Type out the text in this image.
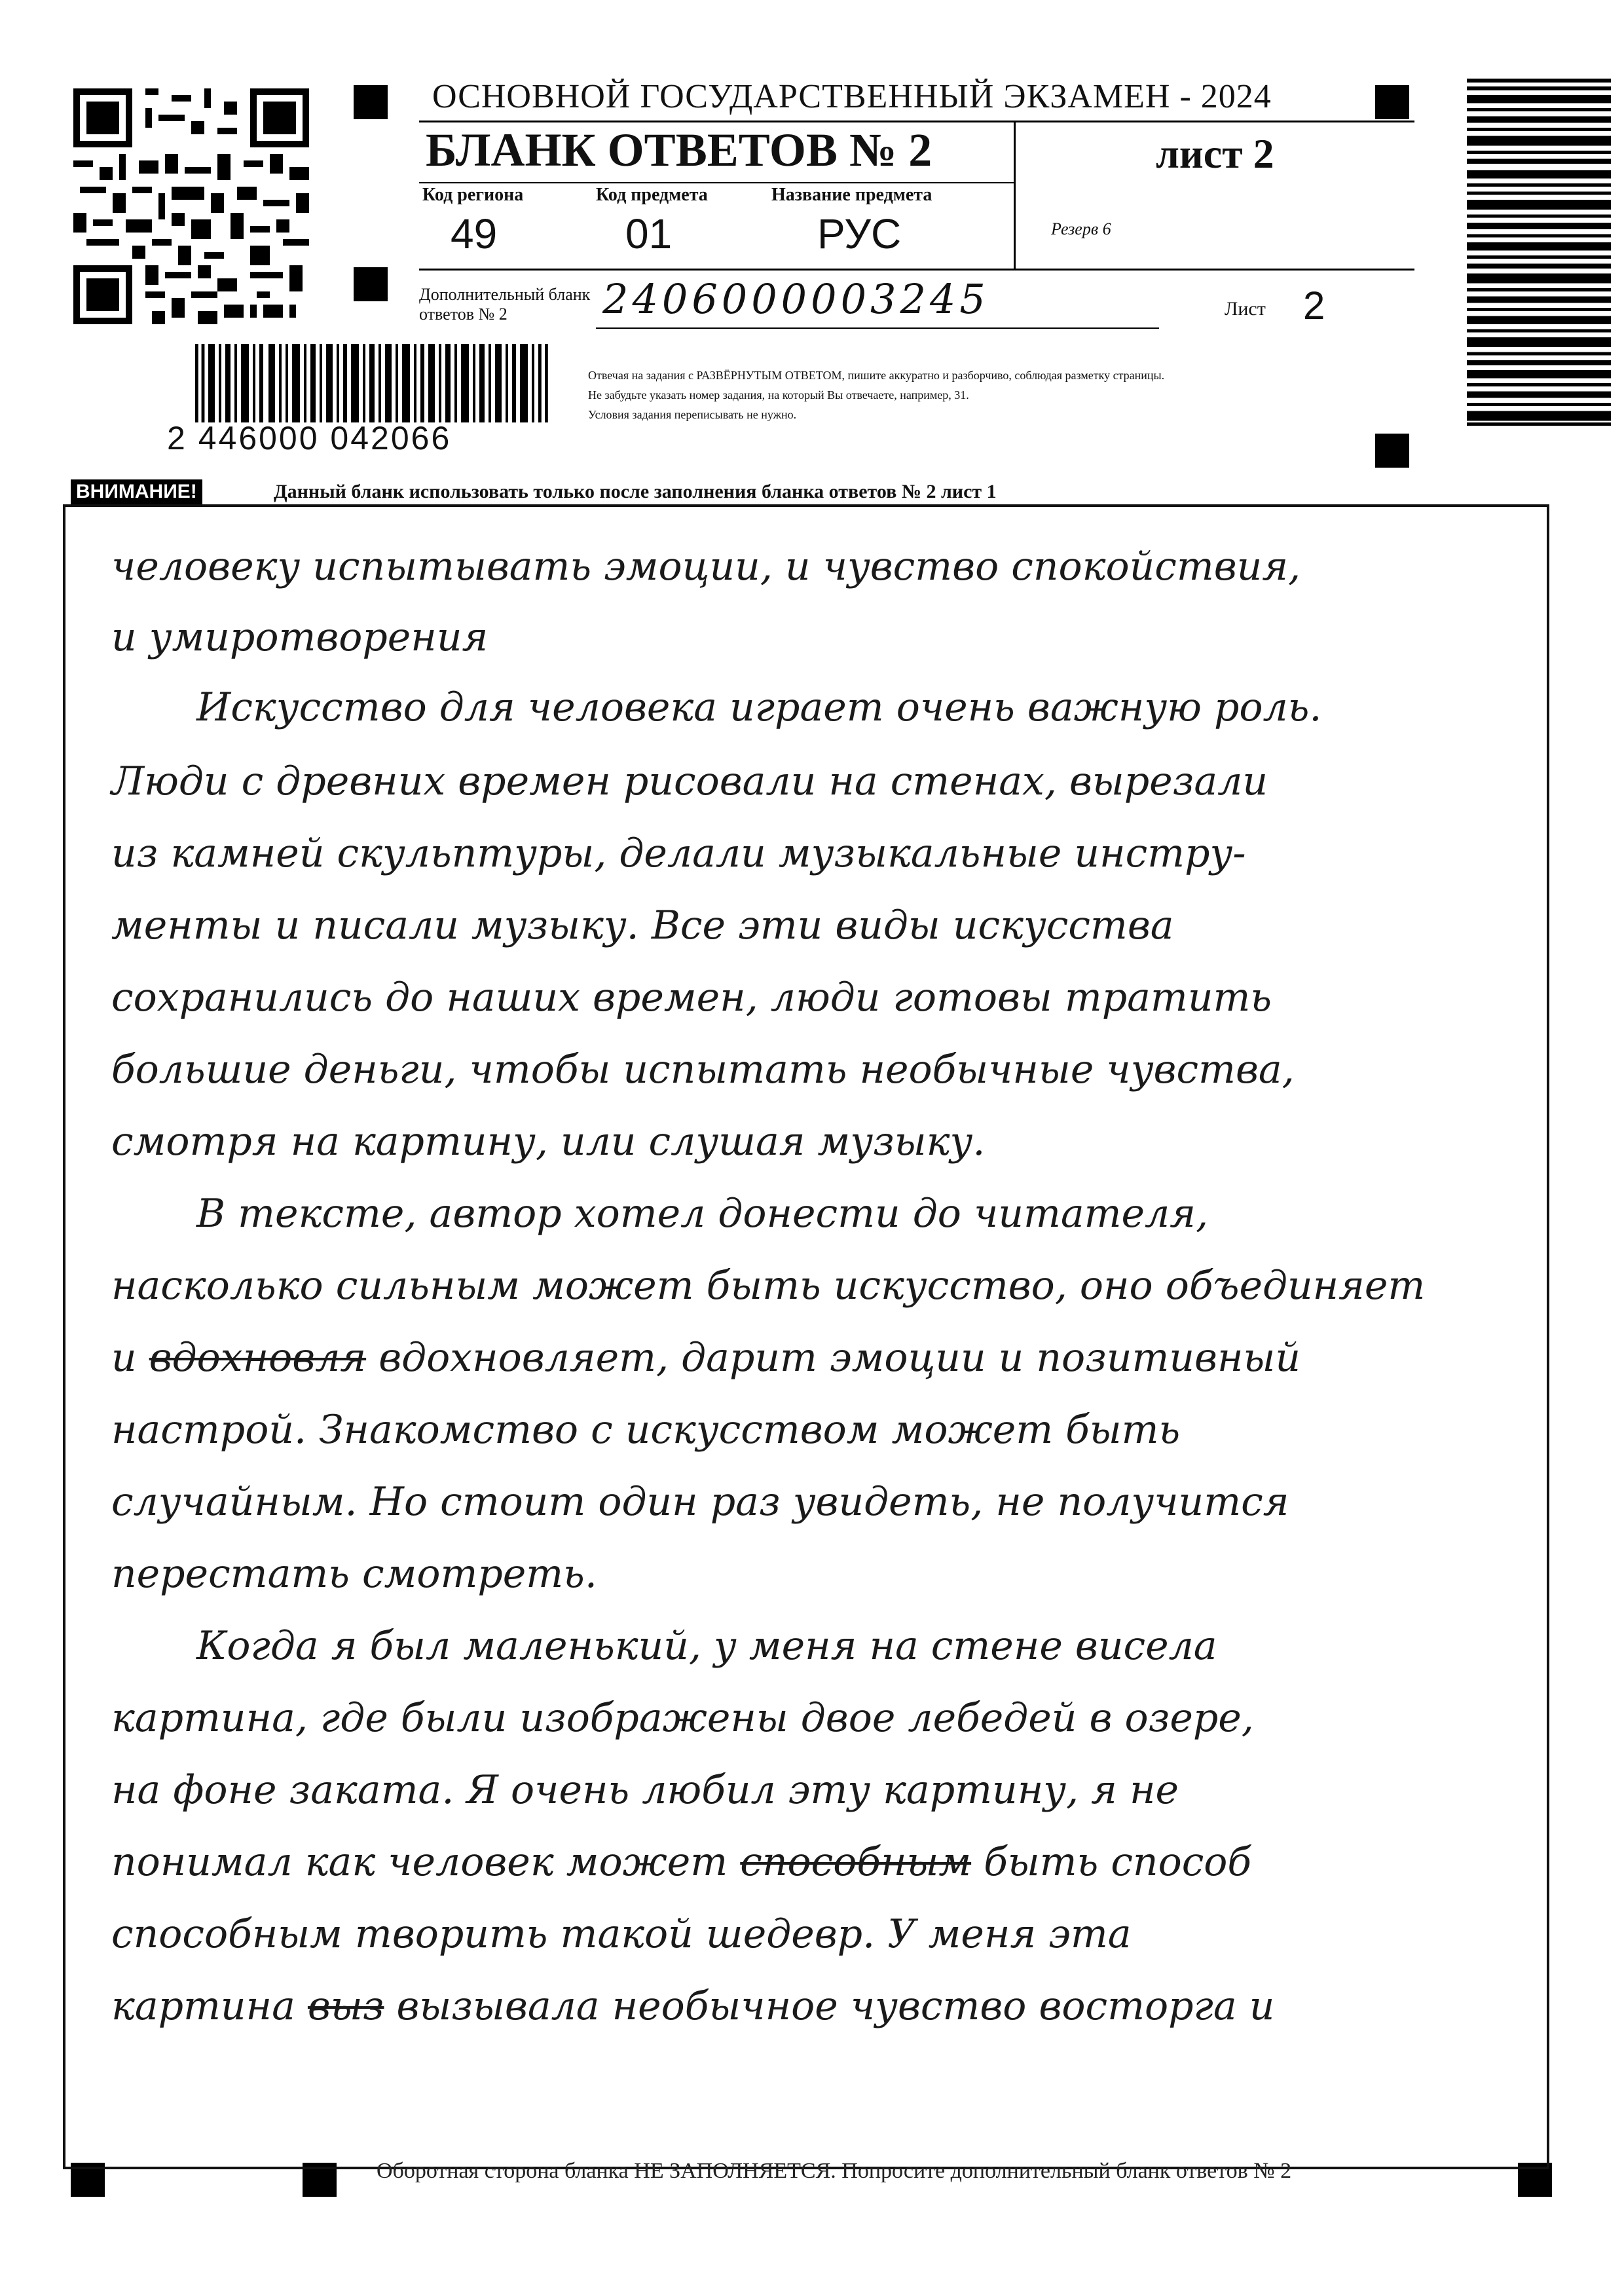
ОСНОВНОЙ ГОСУДАРСТВЕННЫЙ ЭКЗАМЕН - 2024
БЛАНК ОТВЕТОВ № 2	лист 2
Код региона
49
Код предмета
01
Название предмета
РУС	Резерв 6
Дополнительный бланк ответов № 2	2406000003245	Лист 2
Отвечая на задания с РАЗВЁРНУТЫМ ОТВЕТОМ, пишите аккуратно и разборчиво, соблюдая разметку страницы.
Не забудьте указать номер задания, на который Вы отвечаете, например, 31.
Условия задания переписывать не нужно.
2 446000 042066
ВНИМАНИЕ!	Данный бланк использовать только после заполнения бланка ответов № 2 лист 1
человеку испытывать эмоции, и чувство спокойствия,
и умиротворения
Искусство для человека играет очень важную роль.
Люди с древних времен рисовали на стенах, вырезали
из камней скульптуры, делали музыкальные инстру-
менты и писали музыку. Все эти виды искусства
сохранились до наших времен, люди готовы тратить
большие деньги, чтобы испытать необычные чувства,
смотря на картину, или слушая музыку.
В тексте, автор хотел донести до читателя,
насколько сильным может быть искусство, оно объединяет
и вдохновля вдохновляет, дарит эмоции и позитивный
настрой. Знакомство с искусством может быть
случайным. Но стоит один раз увидеть, не получится
перестать смотреть.
Когда я был маленький, у меня на стене висела
картина, где были изображены двое лебедей в озере,
на фоне заката. Я очень любил эту картину, я не
понимал как человек может способным быть способ
способным творить такой шедевр. У меня эта
картина выз вызывала необычное чувство восторга и
Оборотная сторона бланка НЕ ЗАПОЛНЯЕТСЯ. Попросите дополнительный бланк ответов № 2
